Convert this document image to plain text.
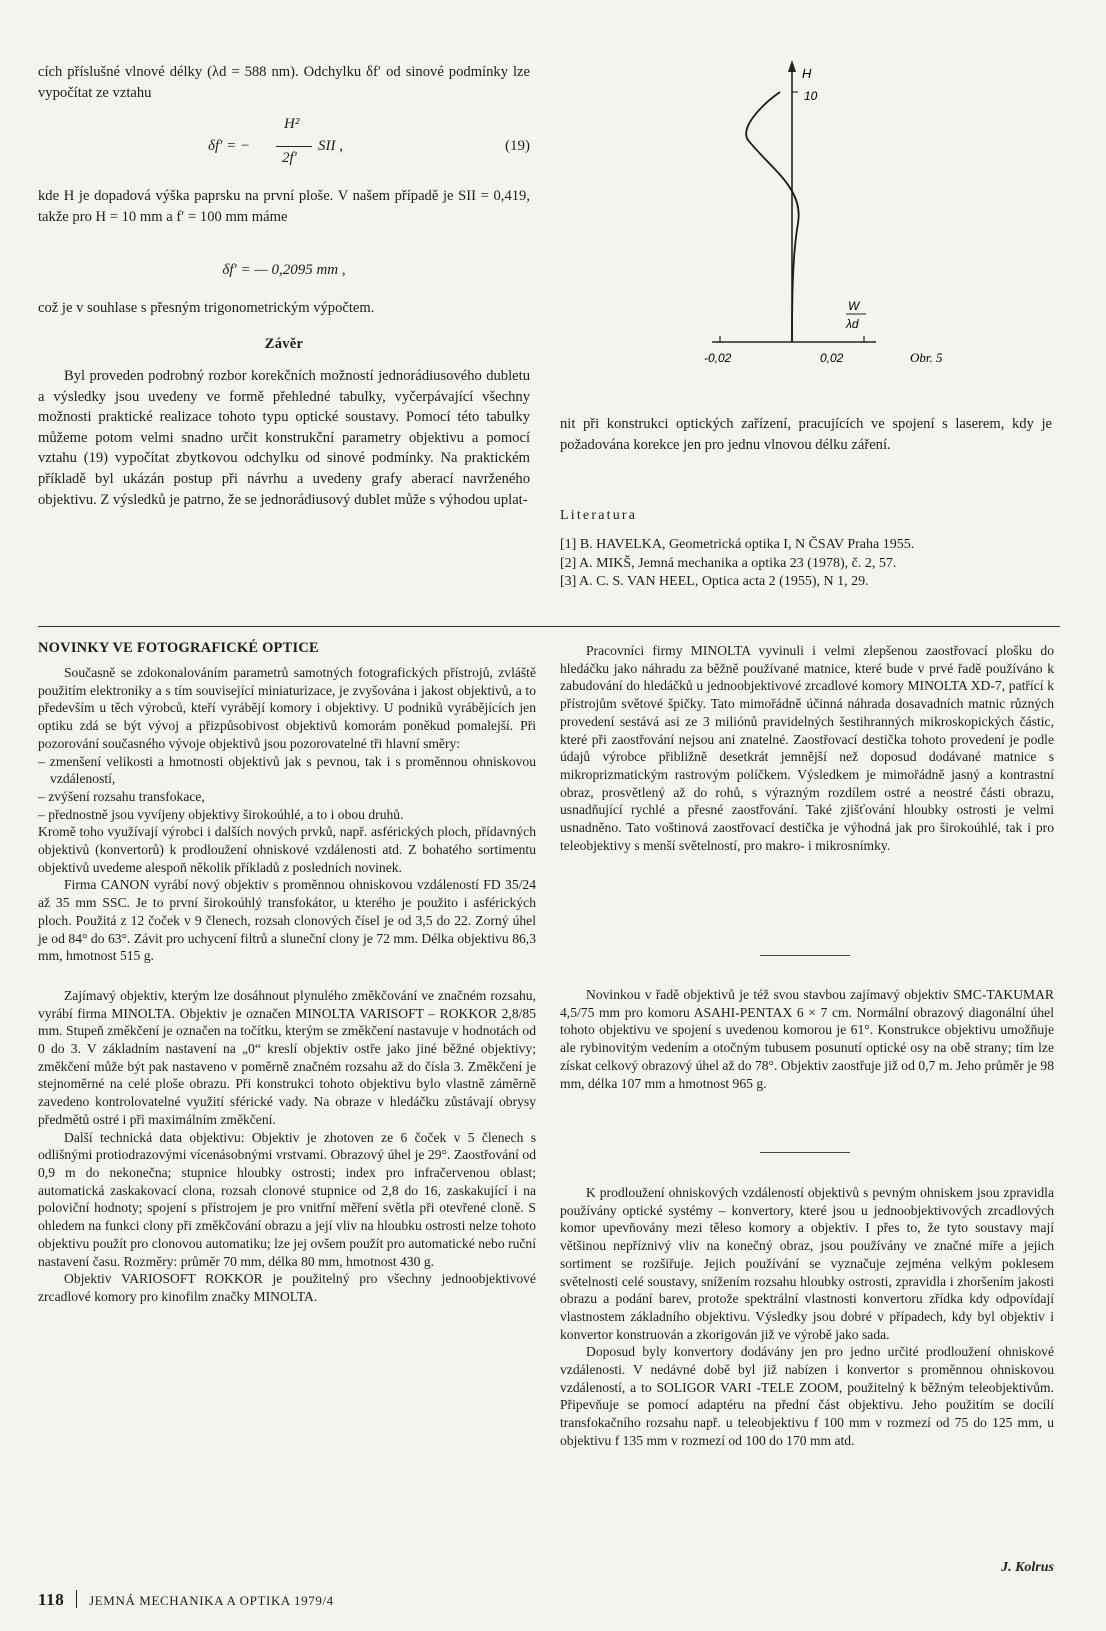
cích příslušné vlnové délky (λd = 588 nm). Odchylku δf′ od sinové podmínky lze vypočítat ze vztahu

δf′ = −
H²
2f′
SII ,	(19)

kde H je dopadová výška paprsku na první ploše. V našem případě je SII = 0,419, takže pro H = 10 mm a f′ = 100 mm máme

δf′ = — 0,2095 mm ,

což je v souhlase s přesným trigonometrickým výpočtem.

Závěr

Byl proveden podrobný rozbor korekčních možností jednorádiusového dubletu a výsledky jsou uvedeny ve formě přehledné tabulky, vyčerpávající všechny možnosti praktické realizace tohoto typu optické soustavy. Pomocí této tabulky můžeme potom velmi snadno určit konstrukční parametry objektivu a pomocí vztahu (19) vypočítat zbytkovou odchylku od sinové podmínky. Na praktickém příkladě byl ukázán postup při návrhu a uvedeny grafy aberací navrženého objektivu. Z výsledků je patrno, že se jednorádiusový dublet může s výhodou uplat-

H
10
W
λd
-0,02	0,02	Obr. 5

nit při konstrukci optických zařízení, pracujících ve spojení s laserem, kdy je požadována korekce jen pro jednu vlnovou délku záření.

Literatura

[1] B. HAVELKA, Geometrická optika I, N ČSAV Praha 1955.

[2] A. MIKŠ, Jemná mechanika a optika 23 (1978), č. 2, 57.

[3] A. C. S. VAN HEEL, Optica acta 2 (1955), N 1, 29.

NOVINKY VE FOTOGRAFICKÉ OPTICE

Současně se zdokonalováním parametrů samotných fotografických přístrojů, zvláště použitím elektroniky a s tím související miniaturizace, je zvyšována i jakost objektivů, a to především u těch výrobců, kteří vyrábějí komory i objektivy. U podniků vyrábějících jen optiku zdá se být vývoj a přizpůsobivost objektivů komorám poněkud pomalejší. Při pozorování současného vývoje objektivů jsou pozorovatelné tři hlavní směry:

– zmenšení velikosti a hmotnosti objektivů jak s pevnou, tak i s proměnnou ohniskovou vzdáleností,
– zvýšení rozsahu transfokace,
– přednostně jsou vyvíjeny objektivy širokoúhlé, a to i obou druhů.

Kromě toho využívají výrobci i dalších nových prvků, např. asférických ploch, přídavných objektivů (konvertorů) k prodloužení ohniskové vzdálenosti atd. Z bohatého sortimentu objektivů uvedeme alespoň několik příkladů z posledních novinek.

Firma CANON vyrábí nový objektiv s proměnnou ohniskovou vzdáleností FD 35/24 až 35 mm SSC. Je to první širokoúhlý transfokátor, u kterého je použito i asférických ploch. Použitá z 12 čoček v 9 členech, rozsah clonových čísel je od 3,5 do 22. Zorný úhel je od 84° do 63°. Závit pro uchycení filtrů a sluneční clony je 72 mm. Délka objektivu 86,3 mm, hmotnost 515 g.

Zajímavý objektiv, kterým lze dosáhnout plynulého změkčování ve značném rozsahu, vyrábí firma MINOLTA. Objektiv je označen MINOLTA VARISOFT – ROKKOR 2,8/85 mm. Stupeň změkčení je označen na točítku, kterým se změkčení nastavuje v hodnotách od 0 do 3. V základním nastavení na „0“ kreslí objektiv ostře jako jiné běžné objektivy; změkčení může být pak nastaveno v poměrně značném rozsahu až do čísla 3. Změkčení je stejnoměrné na celé ploše obrazu. Při konstrukci tohoto objektivu bylo vlastně záměrně zavedeno kontrolovatelné využití sférické vady. Na obraze v hledáčku zůstávají obrysy předmětů ostré i při maximálním změkčení.

Další technická data objektivu: Objektiv je zhotoven ze 6 čoček v 5 členech s odlišnými protiodrazovými vícenásobnými vrstvami. Obrazový úhel je 29°. Zaostřování od 0,9 m do nekonečna; stupnice hloubky ostrosti; index pro infračervenou oblast; automatická zaskakovací clona, rozsah clonové stupnice od 2,8 do 16, zaskakující i na poloviční hodnoty; spojení s přístrojem je pro vnitřní měření světla při otevřené cloně. S ohledem na funkci clony při změkčování obrazu a její vliv na hloubku ostrosti nelze tohoto objektivu použít pro clonovou automatiku; lze jej ovšem použít pro automatické nebo ruční nastavení času. Rozměry: průměr 70 mm, délka 80 mm, hmotnost 430 g.

Objektiv VARIOSOFT ROKKOR je použitelný pro všechny jednoobjektivové zrcadlové komory pro kinofilm značky MINOLTA.

Pracovníci firmy MINOLTA vyvinuli i velmi zlepšenou zaostřovací plošku do hledáčku jako náhradu za běžně používané matnice, které bude v prvé řadě používáno k zabudování do hledáčků u jednoobjektivové zrcadlové komory MINOLTA XD-7, patřící k přístrojům světové špičky. Tato mimořádně účinná náhrada dosavadních matnic různých provedení sestává asi ze 3 miliónů pravidelných šestihranných mikroskopických částic, které při zaostřování nejsou ani znatelné. Zaostřovací destička tohoto provedení je podle údajů výrobce přibližně desetkrát jemnější než doposud dodávané matnice s mikroprizmatickým rastrovým políčkem. Výsledkem je mimořádně jasný a kontrastní obraz, prosvětlený až do rohů, s výrazným rozdílem ostré a neostré části obrazu, usnadňující rychlé a přesné zaostřování. Také zjišťování hloubky ostrosti je velmi usnadněno. Tato voštinová zaostřovací destička je výhodná jak pro širokoúhlé, tak i pro teleobjektivy s menší světelností, pro makro- i mikrosnímky.

Novinkou v řadě objektivů je též svou stavbou zajímavý objektiv SMC-TAKUMAR 4,5/75 mm pro komoru ASAHI-PENTAX 6 × 7 cm. Normální obrazový diagonální úhel tohoto objektivu ve spojení s uvedenou komorou je 61°. Konstrukce objektivu umožňuje ale rybinovitým vedením a otočným tubusem posunutí optické osy na obě strany; tím lze získat celkový obrazový úhel až do 78°. Objektiv zaostřuje již od 0,7 m. Jeho průměr je 98 mm, délka 107 mm a hmotnost 965 g.

K prodloužení ohniskových vzdáleností objektivů s pevným ohniskem jsou zpravidla používány optické systémy – konvertory, které jsou u jednoobjektivových zrcadlových komor upevňovány mezi těleso komory a objektiv. I přes to, že tyto soustavy mají většinou nepříznivý vliv na konečný obraz, jsou používány ve značné míře a jejich sortiment se rozšiřuje. Jejich používání se vyznačuje zejména velkým poklesem světelnosti celé soustavy, snížením rozsahu hloubky ostrosti, zpravidla i zhoršením jakosti obrazu a podání barev, protože spektrální vlastnosti konvertoru zřídka kdy odpovídají vlastnostem základního objektivu. Výsledky jsou dobré v případech, kdy byl objektiv i konvertor konstruován a zkorigován již ve výrobě jako sada.

Doposud byly konvertory dodávány jen pro jedno určité prodloužení ohniskové vzdálenosti. V nedávné době byl již nabízen i konvertor s proměnnou ohniskovou vzdáleností, a to SOLIGOR VARI -TELE ZOOM, použitelný k běžným teleobjektivům. Připevňuje se pomocí adaptéru na přední část objektivu. Jeho použitím se docílí transfokačního rozsahu např. u teleobjektivu f 100 mm v rozmezí od 75 do 125 mm, u objektivu f 135 mm v rozmezí od 100 do 170 mm atd.

J. Kolrus
118 JEMNÁ MECHANIKA A OPTIKA 1979/4
